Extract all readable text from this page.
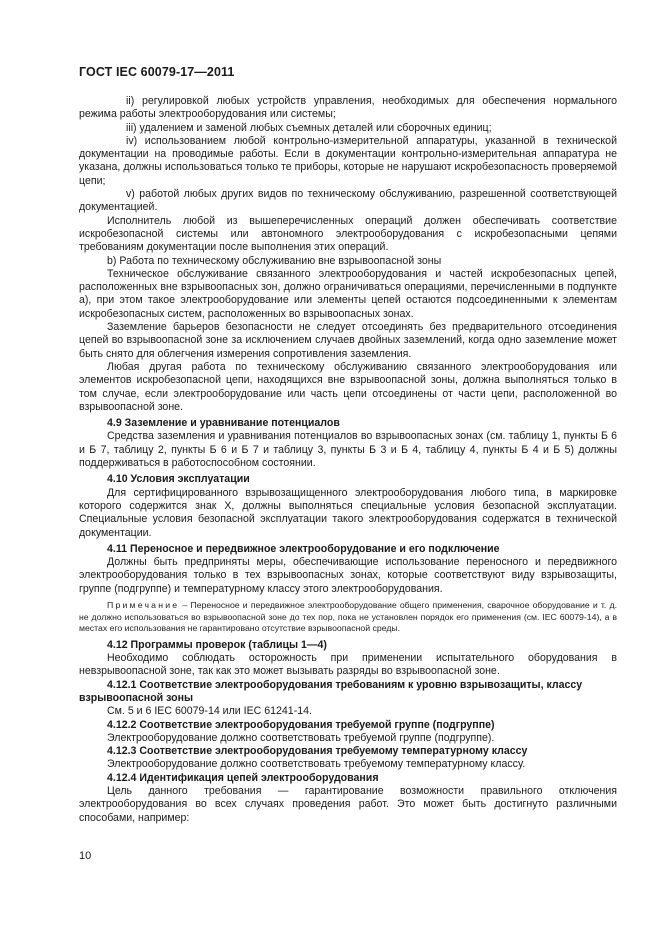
ГОСТ IEC 60079-17—2011

ii) регулировкой любых устройств управления, необходимых для обеспечения нормального режима работы электрооборудования или системы;

iii) удалением и заменой любых съемных деталей или сборочных единиц;

iv) использованием любой контрольно-измерительной аппаратуры, указанной в технической документации на проводимые работы. Если в документации контрольно-измерительная аппаратура не указана, должны использоваться только те приборы, которые не нарушают искробезопасность проверяемой цепи;

v) работой любых других видов по техническому обслуживанию, разрешенной соответствующей документацией.

Исполнитель любой из вышеперечисленных операций должен обеспечивать соответствие искробезопасной системы или автономного электрооборудования с искробезопасными цепями требованиям документации после выполнения этих операций.

b) Работа по техническому обслуживанию вне взрывоопасной зоны

Техническое обслуживание связанного электрооборудования и частей искробезопасных цепей, расположенных вне взрывоопасных зон, должно ограничиваться операциями, перечисленными в подпункте а), при этом такое электрооборудование или элементы цепей остаются подсоединенными к элементам искробезопасных систем, расположенных во взрывоопасных зонах.

Заземление барьеров безопасности не следует отсоединять без предварительного отсоединения цепей во взрывоопасной зоне за исключением случаев двойных заземлений, когда одно заземление может быть снято для облегчения измерения сопротивления заземления.

Любая другая работа по техническому обслуживанию связанного электрооборудования или элементов искробезопасной цепи, находящихся вне взрывоопасной зоны, должна выполняться только в том случае, если электрооборудование или часть цепи отсоединены от части цепи, расположенной во взрывоопасной зоне.

4.9 Заземление и уравнивание потенциалов

Средства заземления и уравнивания потенциалов во взрывоопасных зонах (см. таблицу 1, пункты Б 6 и Б 7, таблицу 2, пункты Б 6 и Б 7 и таблицу 3, пункты Б 3 и Б 4, таблицу 4, пункты Б 4 и Б 5) должны поддерживаться в работоспособном состоянии.

4.10 Условия эксплуатации

Для сертифицированного взрывозащищенного электрооборудования любого типа, в маркировке которого содержится знак X, должны выполняться специальные условия безопасной эксплуатации. Специальные условия безопасной эксплуатации такого электрооборудования содержатся в технической документации.

4.11 Переносное и передвижное электрооборудование и его подключение

Должны быть предприняты меры, обеспечивающие использование переносного и передвижного электрооборудования только в тех взрывоопасных зонах, которые соответствуют виду взрывозащиты, группе (подгруппе) и температурному классу этого электрооборудования.

Примечание – Переносное и передвижное электрооборудование общего применения, сварочное оборудование и т. д. не должно использоваться во взрывоопасной зоне до тех пор, пока не установлен порядок его применения (см. IEC 60079-14), а в местах его использования не гарантировано отсутствие взрывоопасной среды.

4.12 Программы проверок (таблицы 1—4)

Необходимо соблюдать осторожность при применении испытательного оборудования в невзрывоопасной зоне, так как это может вызывать разряды во взрывоопасной зоне.

4.12.1 Соответствие электрооборудования требованиям к уровню взрывозащиты, классу взрывоопасной зоны

См. 5 и 6 IEC 60079-14 или IEC 61241-14.

4.12.2 Соответствие электрооборудования требуемой группе (подгруппе)

Электрооборудование должно соответствовать требуемой группе (подгруппе).

4.12.3 Соответствие электрооборудования требуемому температурному классу

Электрооборудование должно соответствовать требуемому температурному классу.

4.12.4 Идентификация цепей электрооборудования

Цель данного требования — гарантирование возможности правильного отключения электрооборудования во всех случаях проведения работ. Это может быть достигнуто различными способами, например:

10
